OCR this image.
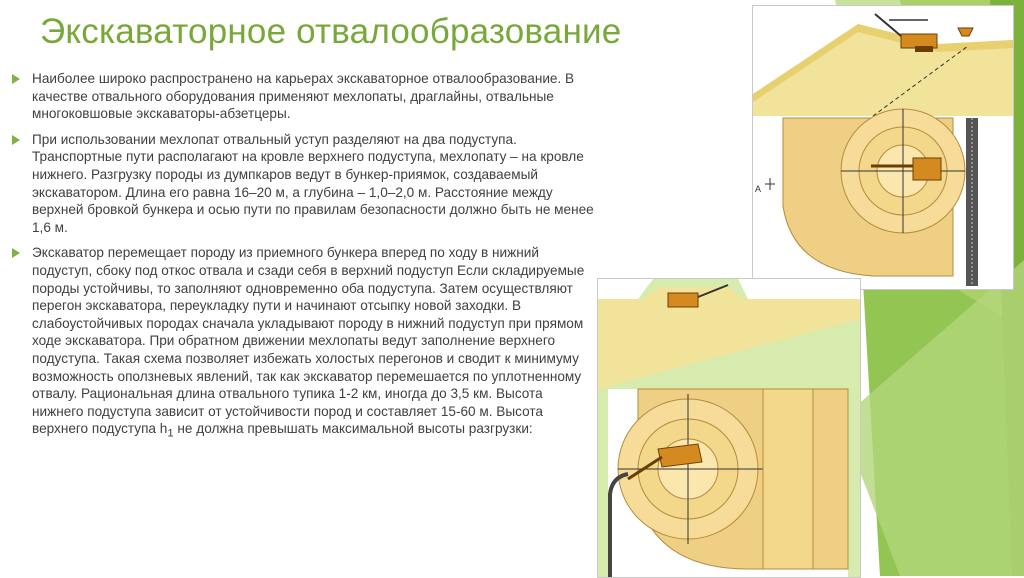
Экскаваторное отвалообразование
Наиболее широко распространено на карьерах экскаваторное отвалообразование. В качестве отвального оборудования применяют мехлопаты, драглайны, отвальные многоковшовые экскаваторы-абзетцеры.
При использовании мехлопат отвальный уступ разделяют на два подуступа. Транспортные пути располагают на кровле верхнего подуступа, мехлопату – на кровле нижнего. Разгрузку породы из думпкаров ведут в бункер-приямок, создаваемый экскаватором. Длина его равна 16–20 м, а глубина – 1,0–2,0 м. Расстояние между верхней бровкой бункера и осью пути по правилам безопасности должно быть не менее 1,6 м.
Экскаватор перемещает породу из приемного бункера вперед по ходу в нижний подуступ, сбоку под откос отвала и сзади себя в верхний подуступ Если складируемые породы устойчивы, то заполняют одновременно оба подуступа. Затем осуществляют перегон экскаватора, переукладку пути и начинают отсыпку новой заходки. В слабоустойчивых породах сначала укладывают породу в нижний подуступ при прямом ходе экскаватора. При обратном движении мехлопаты ведут заполнение верхнего подуступа. Такая схема позволяет избежать холостых перегонов и сводит к минимуму возможность оползневых явлений, так как экскаватор перемешается по уплотненному отвалу. Рациональная длина отвального тупика 1-2 км, иногда до 3,5 км. Высота нижнего подуступа зависит от устойчивости пород и составляет 15-60 м. Высота верхнего подуступа $h_1$ не должна превышать максимальной высоты разгрузки:
A
